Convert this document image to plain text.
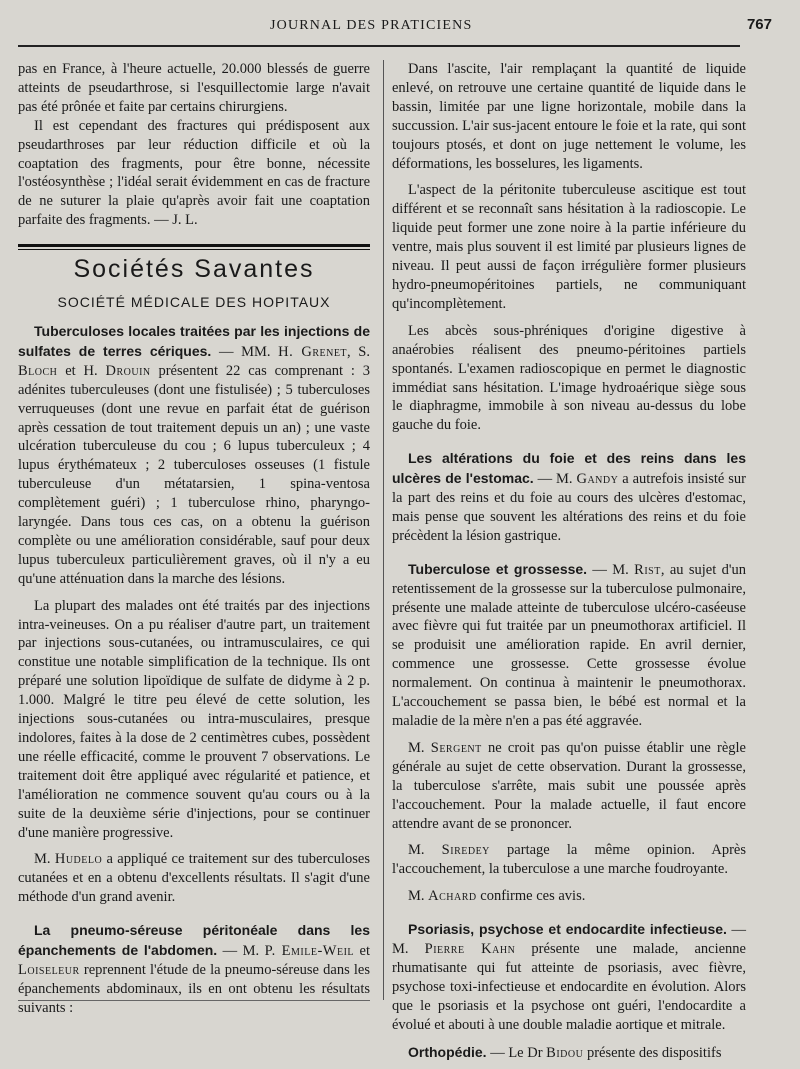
JOURNAL DES PRATICIENS	767

pas en France, à l'heure actuelle, 20.000 blessés de guerre atteints de pseudarthrose, si l'esquillectomie large n'avait pas été prônée et faite par certains chirurgiens.

Il est cependant des fractures qui prédisposent aux pseudarthroses par leur réduction difficile et où la coaptation des fragments, pour être bonne, nécessite l'ostéosynthèse ; l'idéal serait évidemment en cas de fracture de ne suturer la plaie qu'après avoir fait une coaptation parfaite des fragments. — J. L.

Sociétés Savantes
SOCIÉTÉ MÉDICALE DES HOPITAUX

Tuberculoses locales traitées par les injections de sulfates de terres cériques. — MM. H. Grenet, S. Bloch et H. Drouin présentent 22 cas comprenant : 3 adénites tuberculeuses (dont une fistulisée) ; 5 tuberculoses verruqueuses (dont une revue en parfait état de guérison après cessation de tout traitement depuis un an) ; une vaste ulcération tuberculeuse du cou ; 6 lupus tuberculeux ; 4 lupus érythémateux ; 2 tuberculoses osseuses (1 fistule tuberculeuse d'un métatarsien, 1 spina-ventosa complètement guéri) ; 1 tuberculose rhino, pharyngo-laryngée. Dans tous ces cas, on a obtenu la guérison complète ou une amélioration considérable, sauf pour deux lupus tuberculeux particulièrement graves, où il n'y a eu qu'une atténuation dans la marche des lésions.

La plupart des malades ont été traités par des injections intra-veineuses. On a pu réaliser d'autre part, un traitement par injections sous-cutanées, ou intramusculaires, ce qui constitue une notable simplification de la technique. Ils ont préparé une solution lipoïdique de sulfate de didyme à 2 p. 1.000. Malgré le titre peu élevé de cette solution, les injections sous-cutanées ou intra-musculaires, presque indolores, faites à la dose de 2 centimètres cubes, possèdent une réelle efficacité, comme le prouvent 7 observations. Le traitement doit être appliqué avec régularité et patience, et l'amélioration ne commence souvent qu'au cours ou à la suite de la deuxième série d'injections, pour se continuer d'une manière progressive.

M. Hudelo a appliqué ce traitement sur des tuberculoses cutanées et en a obtenu d'excellents résultats. Il s'agit d'une méthode d'un grand avenir.

La pneumo-séreuse péritonéale dans les épanchements de l'abdomen. — M. P. Emile-Weil et Loiseleur reprennent l'étude de la pneumo-séreuse dans les épanchements abdominaux, ils en ont obtenu les résultats suivants :

Dans l'ascite, l'air remplaçant la quantité de liquide enlevé, on retrouve une certaine quantité de liquide dans le bassin, limitée par une ligne horizontale, mobile dans la succussion. L'air sus-jacent entoure le foie et la rate, qui sont toujours ptosés, et dont on juge nettement le volume, les déformations, les bosselures, les ligaments.

L'aspect de la péritonite tuberculeuse ascitique est tout différent et se reconnaît sans hésitation à la radioscopie. Le liquide peut former une zone noire à la partie inférieure du ventre, mais plus souvent il est limité par plusieurs lignes de niveau. Il peut aussi de façon irrégulière former plusieurs hydro-pneumopéritoines partiels, ne communiquant qu'incomplètement.

Les abcès sous-phréniques d'origine digestive à anaérobies réalisent des pneumo-péritoines partiels spontanés. L'examen radioscopique en permet le diagnostic immédiat sans hésitation. L'image hydroaérique siège sous le diaphragme, immobile à son niveau au-dessus du lobe gauche du foie.

Les altérations du foie et des reins dans les ulcères de l'estomac. — M. Gandy a autrefois insisté sur la part des reins et du foie au cours des ulcères d'estomac, mais pense que souvent les altérations des reins et du foie précèdent la lésion gastrique.

Tuberculose et grossesse. — M. Rist, au sujet d'un retentissement de la grossesse sur la tuberculose pulmonaire, présente une malade atteinte de tuberculose ulcéro-caséeuse avec fièvre qui fut traitée par un pneumothorax artificiel. Il se produisit une amélioration rapide. En avril dernier, commence une grossesse. Cette grossesse évolue normalement. On continua à maintenir le pneumothorax. L'accouchement se passa bien, le bébé est normal et la maladie de la mère n'en a pas été aggravée.

M. Sergent ne croit pas qu'on puisse établir une règle générale au sujet de cette observation. Durant la grossesse, la tuberculose s'arrête, mais subit une poussée après l'accouchement. Pour la malade actuelle, il faut encore attendre avant de se prononcer.

M. Siredey partage la même opinion. Après l'accouchement, la tuberculose a une marche foudroyante.

M. Achard confirme ces avis.

Psoriasis, psychose et endocardite infectieuse. — M. Pierre Kahn présente une malade, ancienne rhumatisante qui fut atteinte de psoriasis, avec fièvre, psychose toxi-infectieuse et endocardite en évolution. Alors que le psoriasis et la psychose ont guéri, l'endocardite a évolué et abouti à une double maladie aortique et mitrale.

Orthopédie. — Le Dr Bidou présente des dispositifs
